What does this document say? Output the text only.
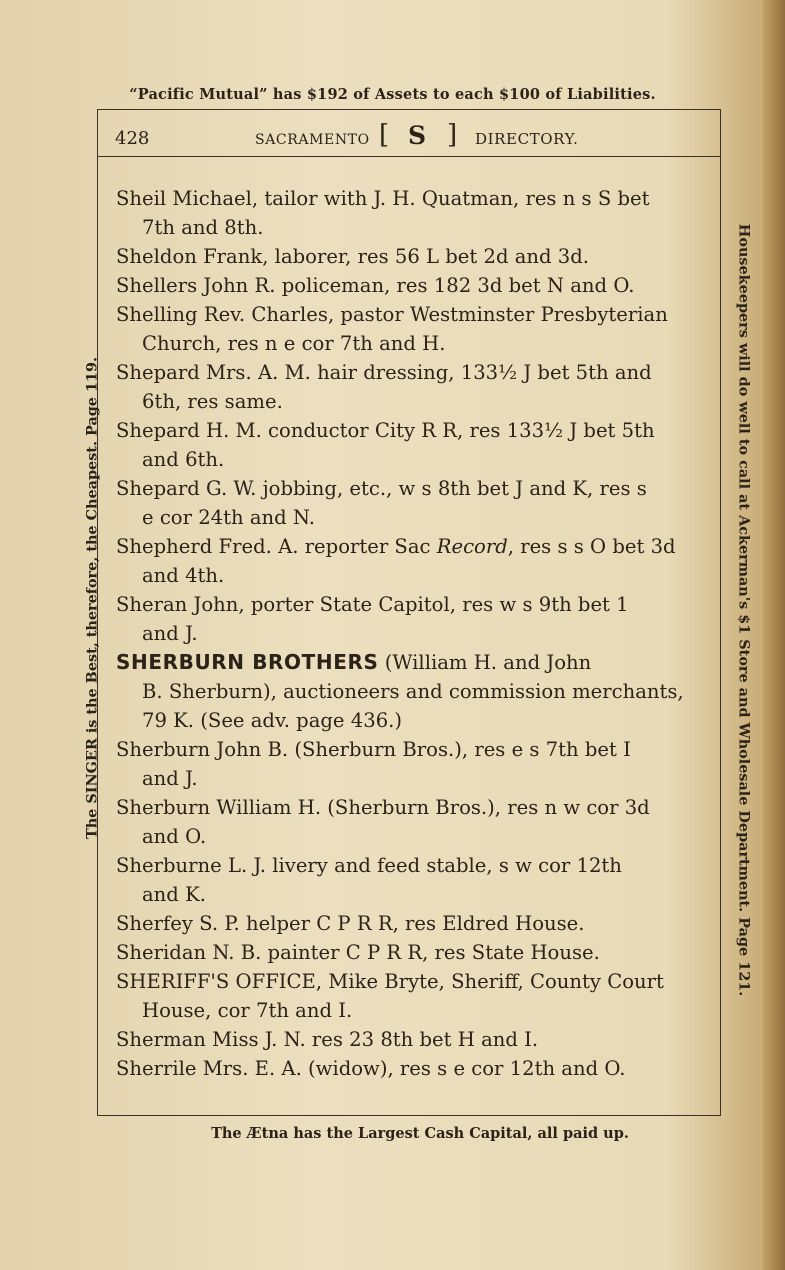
“Pacific Mutual” has $192 of Assets to each $100 of Liabilities.
428	SACRAMENTO [ S ] DIRECTORY.
Sheil Michael, tailor with J. H. Quatman, res n s S bet
7th and 8th.
Sheldon Frank, laborer, res 56 L bet 2d and 3d.
Shellers John R. policeman, res 182 3d bet N and O.
Shelling Rev. Charles, pastor Westminster Presbyterian
Church, res n e cor 7th and H.
Shepard Mrs. A. M. hair dressing, 133½ J bet 5th and
6th, res same.
Shepard H. M. conductor City R R, res 133½ J bet 5th
and 6th.
Shepard G. W. jobbing, etc., w s 8th bet J and K, res s
e cor 24th and N.
Shepherd Fred. A. reporter Sac Record, res s s O bet 3d
and 4th.
Sheran John, porter State Capitol, res w s 9th bet 1
and J.
SHERBURN BROTHERS (William H. and John
B. Sherburn), auctioneers and commission merchants,
79 K. (See adv. page 436.)
Sherburn John B. (Sherburn Bros.), res e s 7th bet I
and J.
Sherburn William H. (Sherburn Bros.), res n w cor 3d
and O.
Sherburne L. J. livery and feed stable, s w cor 12th
and K.
Sherfey S. P. helper C P R R, res Eldred House.
Sheridan N. B. painter C P R R, res State House.
SHERIFF'S OFFICE, Mike Bryte, Sheriff, County Court
House, cor 7th and I.
Sherman Miss J. N. res 23 8th bet H and I.
Sherrile Mrs. E. A. (widow), res s e cor 12th and O.
The SINGER is the Best, therefore, the Cheapest. Page 119.	Housekeepers will do well to call at Ackerman's $1 Store and Wholesale Department. Page 121.
The Ætna has the Largest Cash Capital, all paid up.
